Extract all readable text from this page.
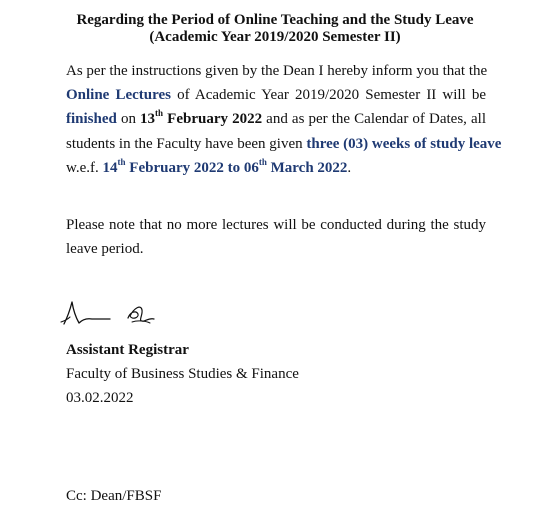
Regarding the Period of Online Teaching and the Study Leave
(Academic Year 2019/2020 Semester II)
As per the instructions given by the Dean I hereby inform you that the
Online Lectures of Academic Year 2019/2020 Semester II will be
finished on 13th February 2022 and as per the Calendar of Dates, all
students in the Faculty have been given three (03) weeks of study leave
w.e.f. 14th February 2022 to 06th March 2022.
Please note that no more lectures will be conducted during the study
leave period.
Assistant Registrar
Faculty of Business Studies & Finance
03.02.2022
Cc: Dean/FBSF
